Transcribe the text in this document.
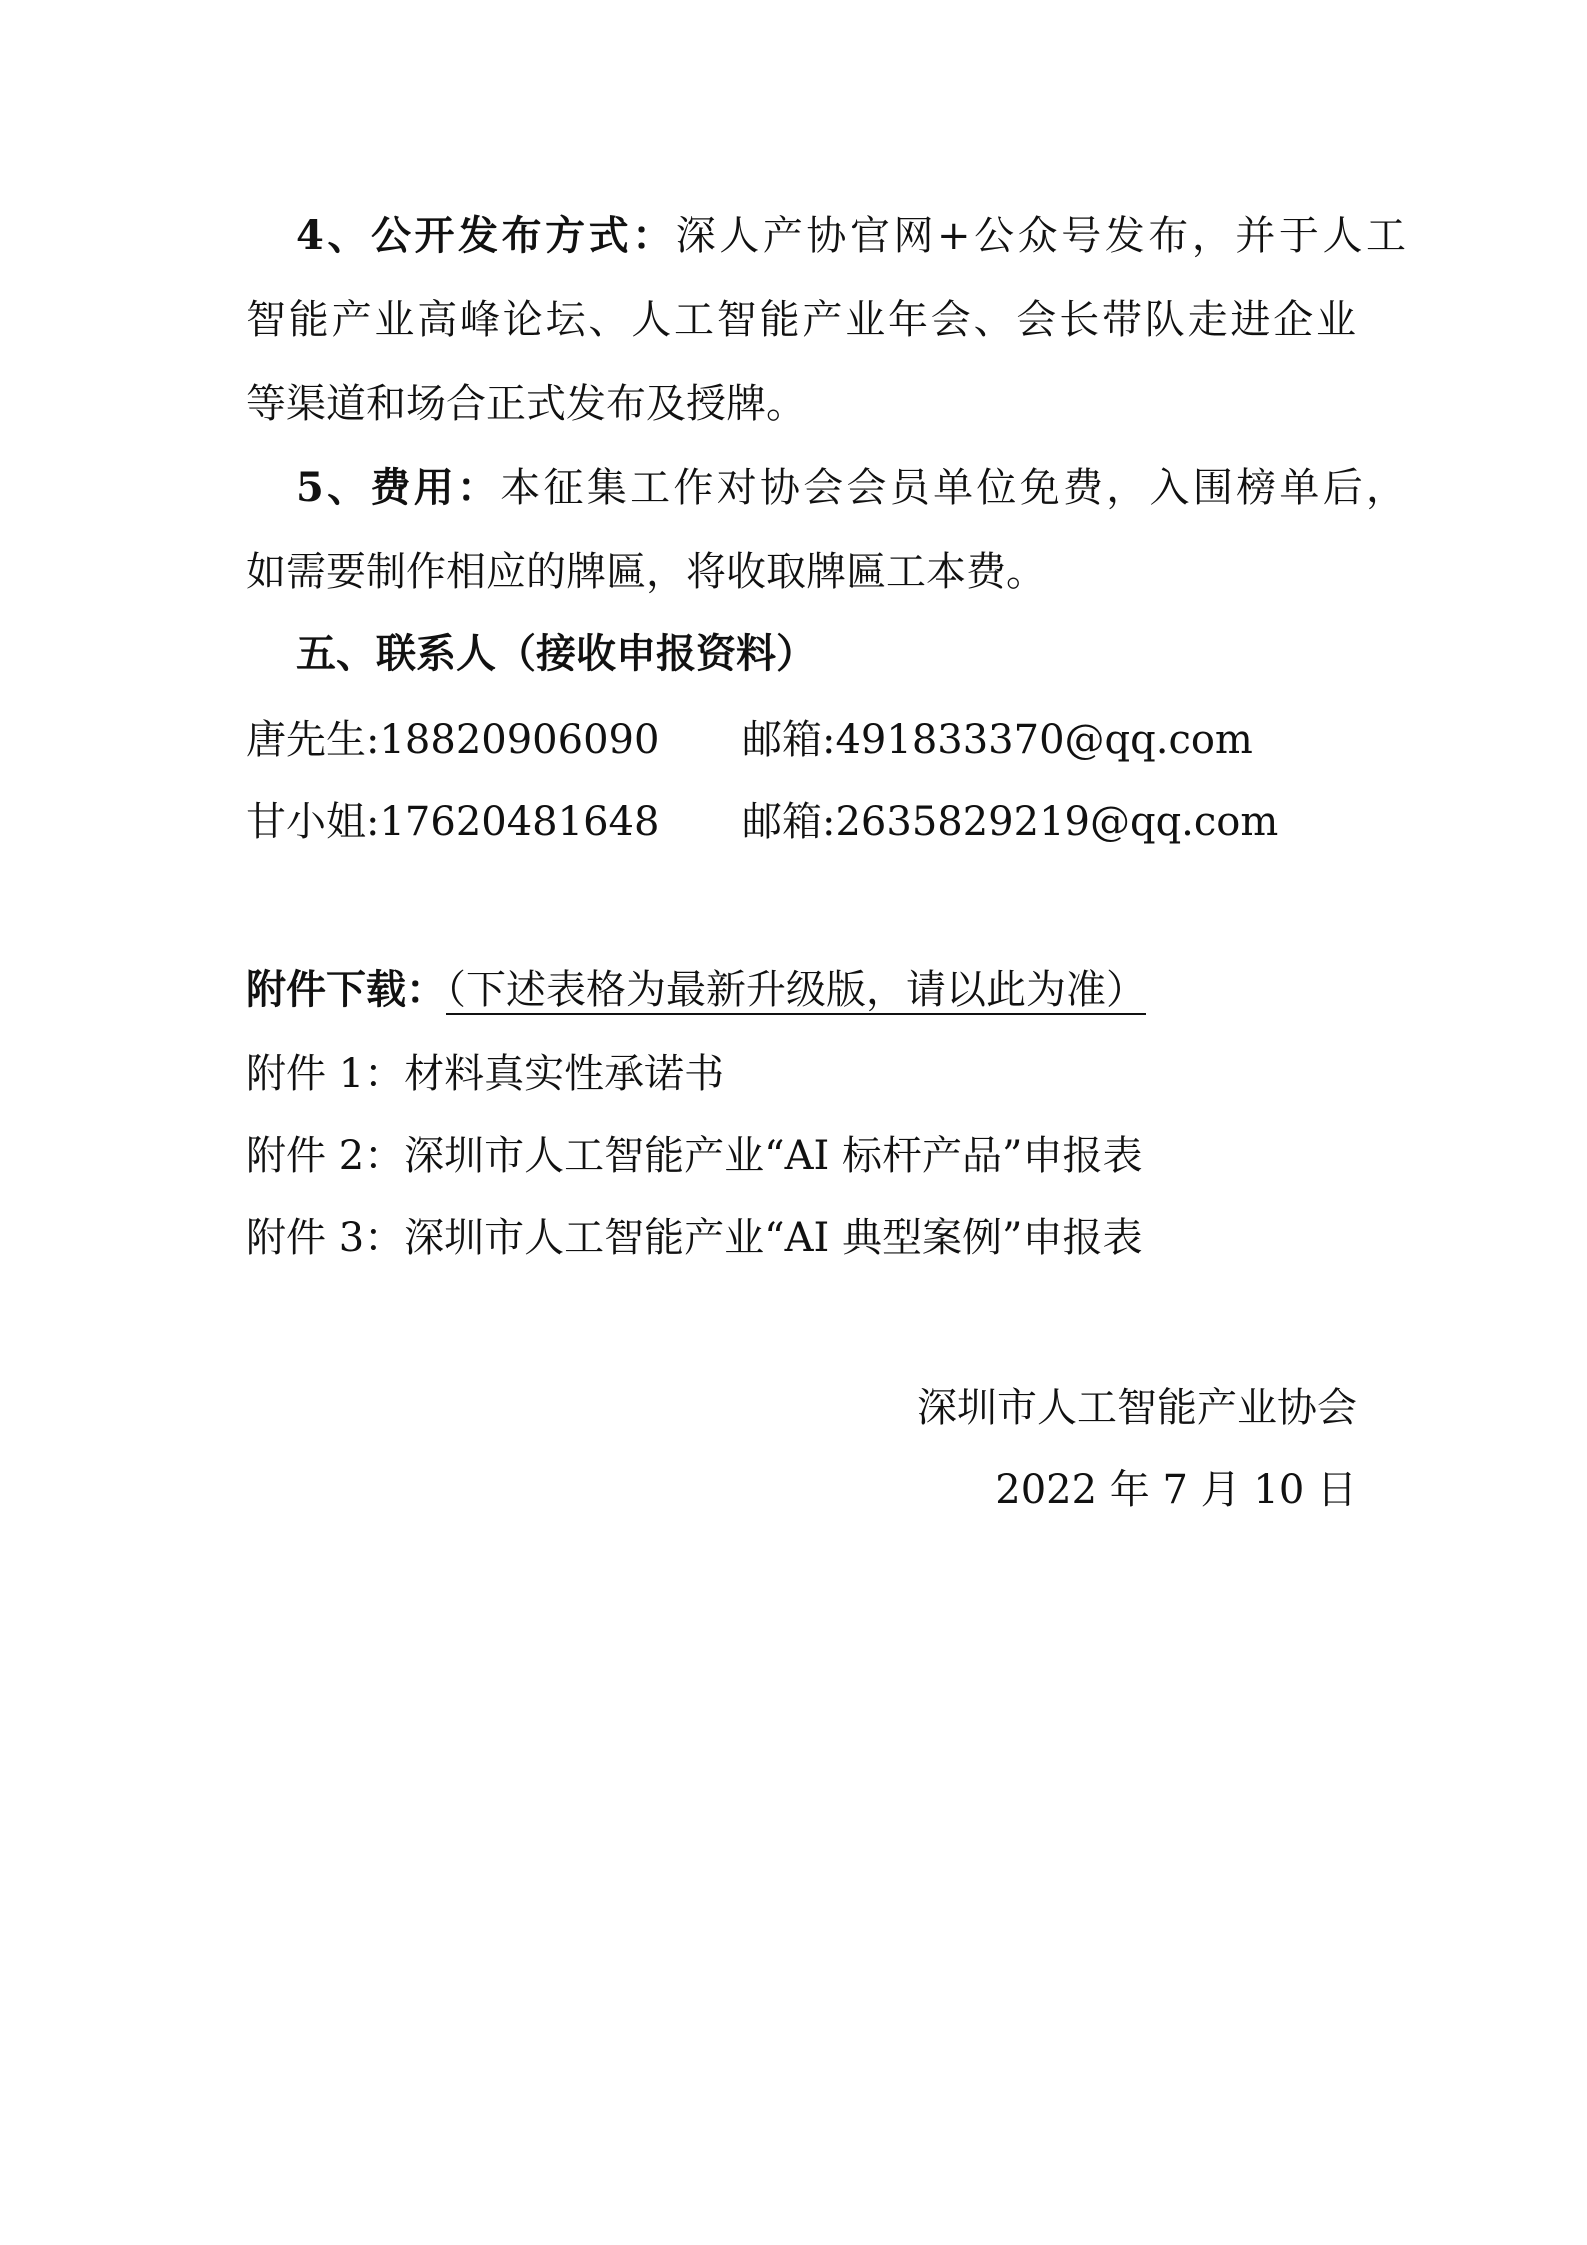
4、公开发布方式：深人产协官网+公众号发布，并于人工
智能产业高峰论坛、人工智能产业年会、会长带队走进企业
等渠道和场合正式发布及授牌。
5、费用：本征集工作对协会会员单位免费，入围榜单后，
如需要制作相应的牌匾，将收取牌匾工本费。
五、联系人（接收申报资料）
唐先生:18820906090 邮箱:491833370@qq.com
甘小姐:17620481648 邮箱:2635829219@qq.com
附件下载：（下述表格为最新升级版，请以此为准）
附件 1：材料真实性承诺书
附件 2：深圳市人工智能产业“AI 标杆产品”申报表
附件 3：深圳市人工智能产业“AI 典型案例”申报表
深圳市人工智能产业协会
2022 年 7 月 10 日
